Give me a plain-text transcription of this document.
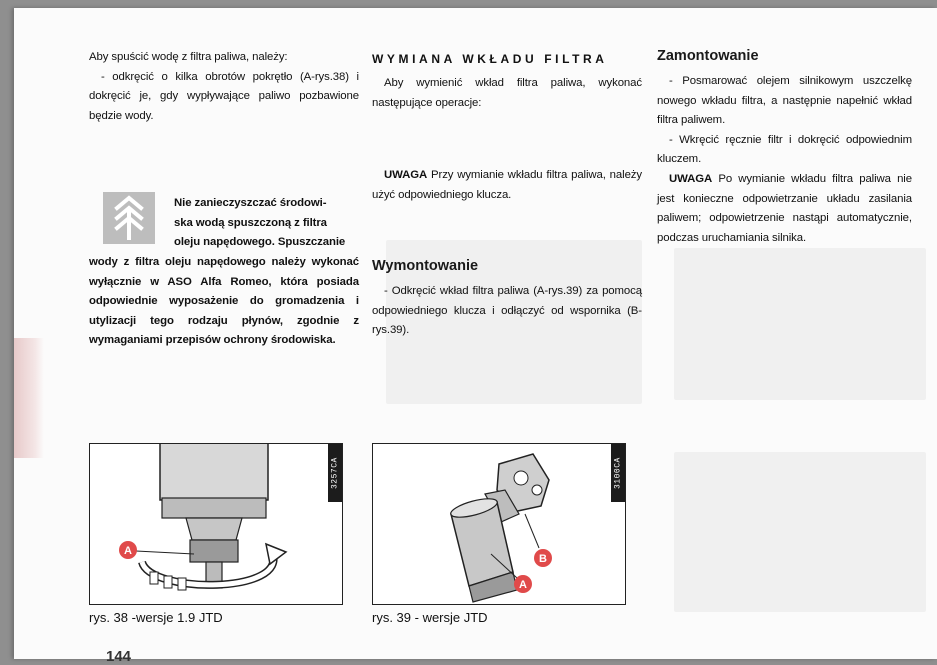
Aby spuścić wodę z filtra paliwa, należy:

- odkręcić o kilka obrotów pokrętło (A-rys.38) i dokręcić je, gdy wypływające paliwo pozbawione będzie wody.

Nie zanieczyszczać środowi-

ska wodą spuszczoną z filtra

oleju napędowego. Spuszczanie

wody z filtra oleju napędowego należy wykonać wyłącznie w ASO Alfa Romeo, która posiada odpowiednie wyposażenie do gromadzenia i utylizacji tego rodzaju płynów, zgodnie z wymaganiami przepisów ochrony środowiska.

WYMIANA WKŁADU FILTRA

Aby wymienić wkład filtra paliwa, wykonać następujące operacje:

UWAGA Przy wymianie wkładu filtra paliwa, należy użyć odpowiedniego klucza.

Wymontowanie

- Odkręcić wkład filtra paliwa (A-rys.39) za pomocą odpowiedniego klucza i odłączyć od wspornika (B-rys.39).

Zamontowanie

- Posmarować olejem silnikowym uszczelkę nowego wkładu filtra, a następnie napełnić wkład filtra paliwem.

- Wkręcić ręcznie filtr i dokręcić odpowiednim kluczem.

UWAGA Po wymianie wkładu filtra paliwa nie jest konieczne odpowietrzanie układu zasilania paliwem; odpowietrzenie nastąpi automatycznie, podczas uruchamiania silnika.

3257CA
A
rys. 38 -wersje 1.9 JTD
3100CA
B
A
rys. 39 - wersje JTD
144
